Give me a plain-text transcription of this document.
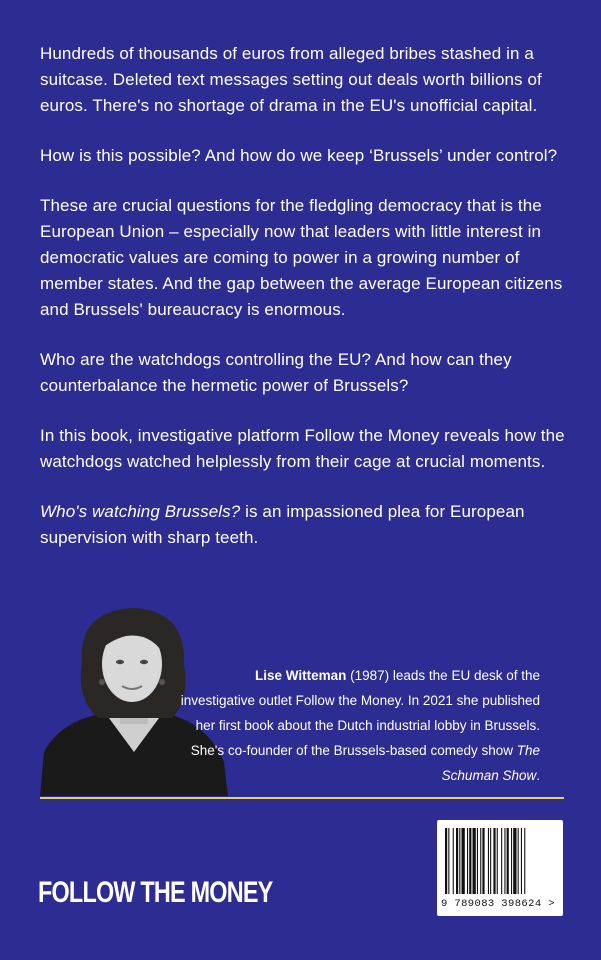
Hundreds of thousands of euros from alleged bribes stashed in a suitcase. Deleted text messages setting out deals worth billions of euros. There's no shortage of drama in the EU's unofficial capital.

How is this possible? And how do we keep ‘Brussels’ under control?

These are crucial questions for the fledgling democracy that is the European Union – especially now that leaders with little interest in democratic values are coming to power in a growing number of member states. And the gap between the average European citizens and Brussels' bureaucracy is enormous.

Who are the watchdogs controlling the EU? And how can they counterbalance the hermetic power of Brussels?

In this book, investigative platform Follow the Money reveals how the watchdogs watched helplessly from their cage at crucial moments.

Who's watching Brussels? is an impassioned plea for European supervision with sharp teeth.

Lise Witteman (1987) leads the EU desk of the investigative outlet Follow the Money. In 2021 she published her first book about the Dutch industrial lobby in Brussels. She's co-founder of the Brussels-based comedy show The Schuman Show.
FOLLOW THE MONEY	9 789083 398624 >
